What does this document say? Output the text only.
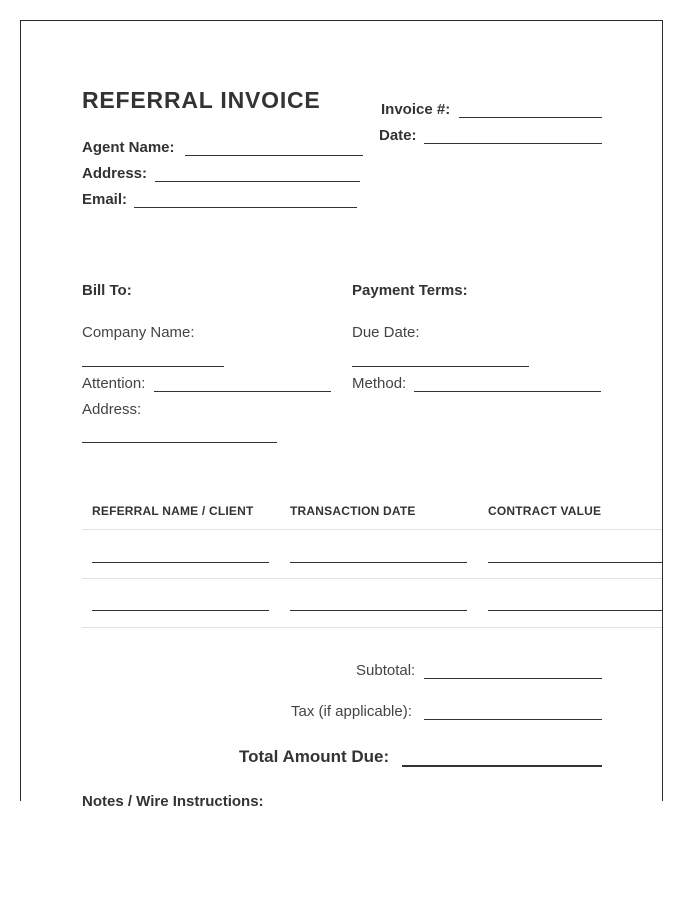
REFERRAL INVOICE	Invoice #:
Date:
Agent Name:
Address:
Email:
Bill To:
Company Name:
Attention:
Address:
Payment Terms:
Due Date:
Method:
REFERRAL NAME / CLIENT	TRANSACTION DATE	CONTRACT VALUE
Subtotal:
Tax (if applicable):
Total Amount Due:
Notes / Wire Instructions:
